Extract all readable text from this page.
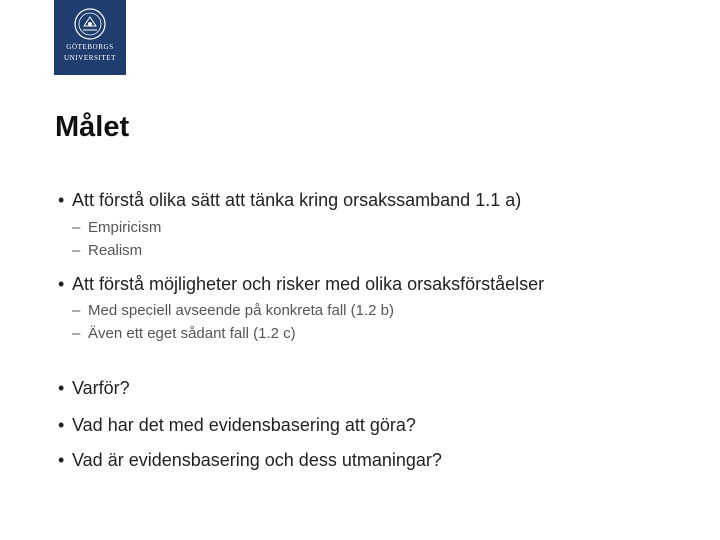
GÖTEBORGS
UNIVERSITET
Målet
• Att förstå olika sätt att tänka kring orsakssamband 1.1 a)
– Empiricism
– Realism
• Att förstå möjligheter och risker med olika orsaksförståelser
– Med speciell avseende på konkreta fall (1.2 b)
– Även ett eget sådant fall (1.2 c)
• Varför?
• Vad har det med evidensbasering att göra?
• Vad är evidensbasering och dess utmaningar?
